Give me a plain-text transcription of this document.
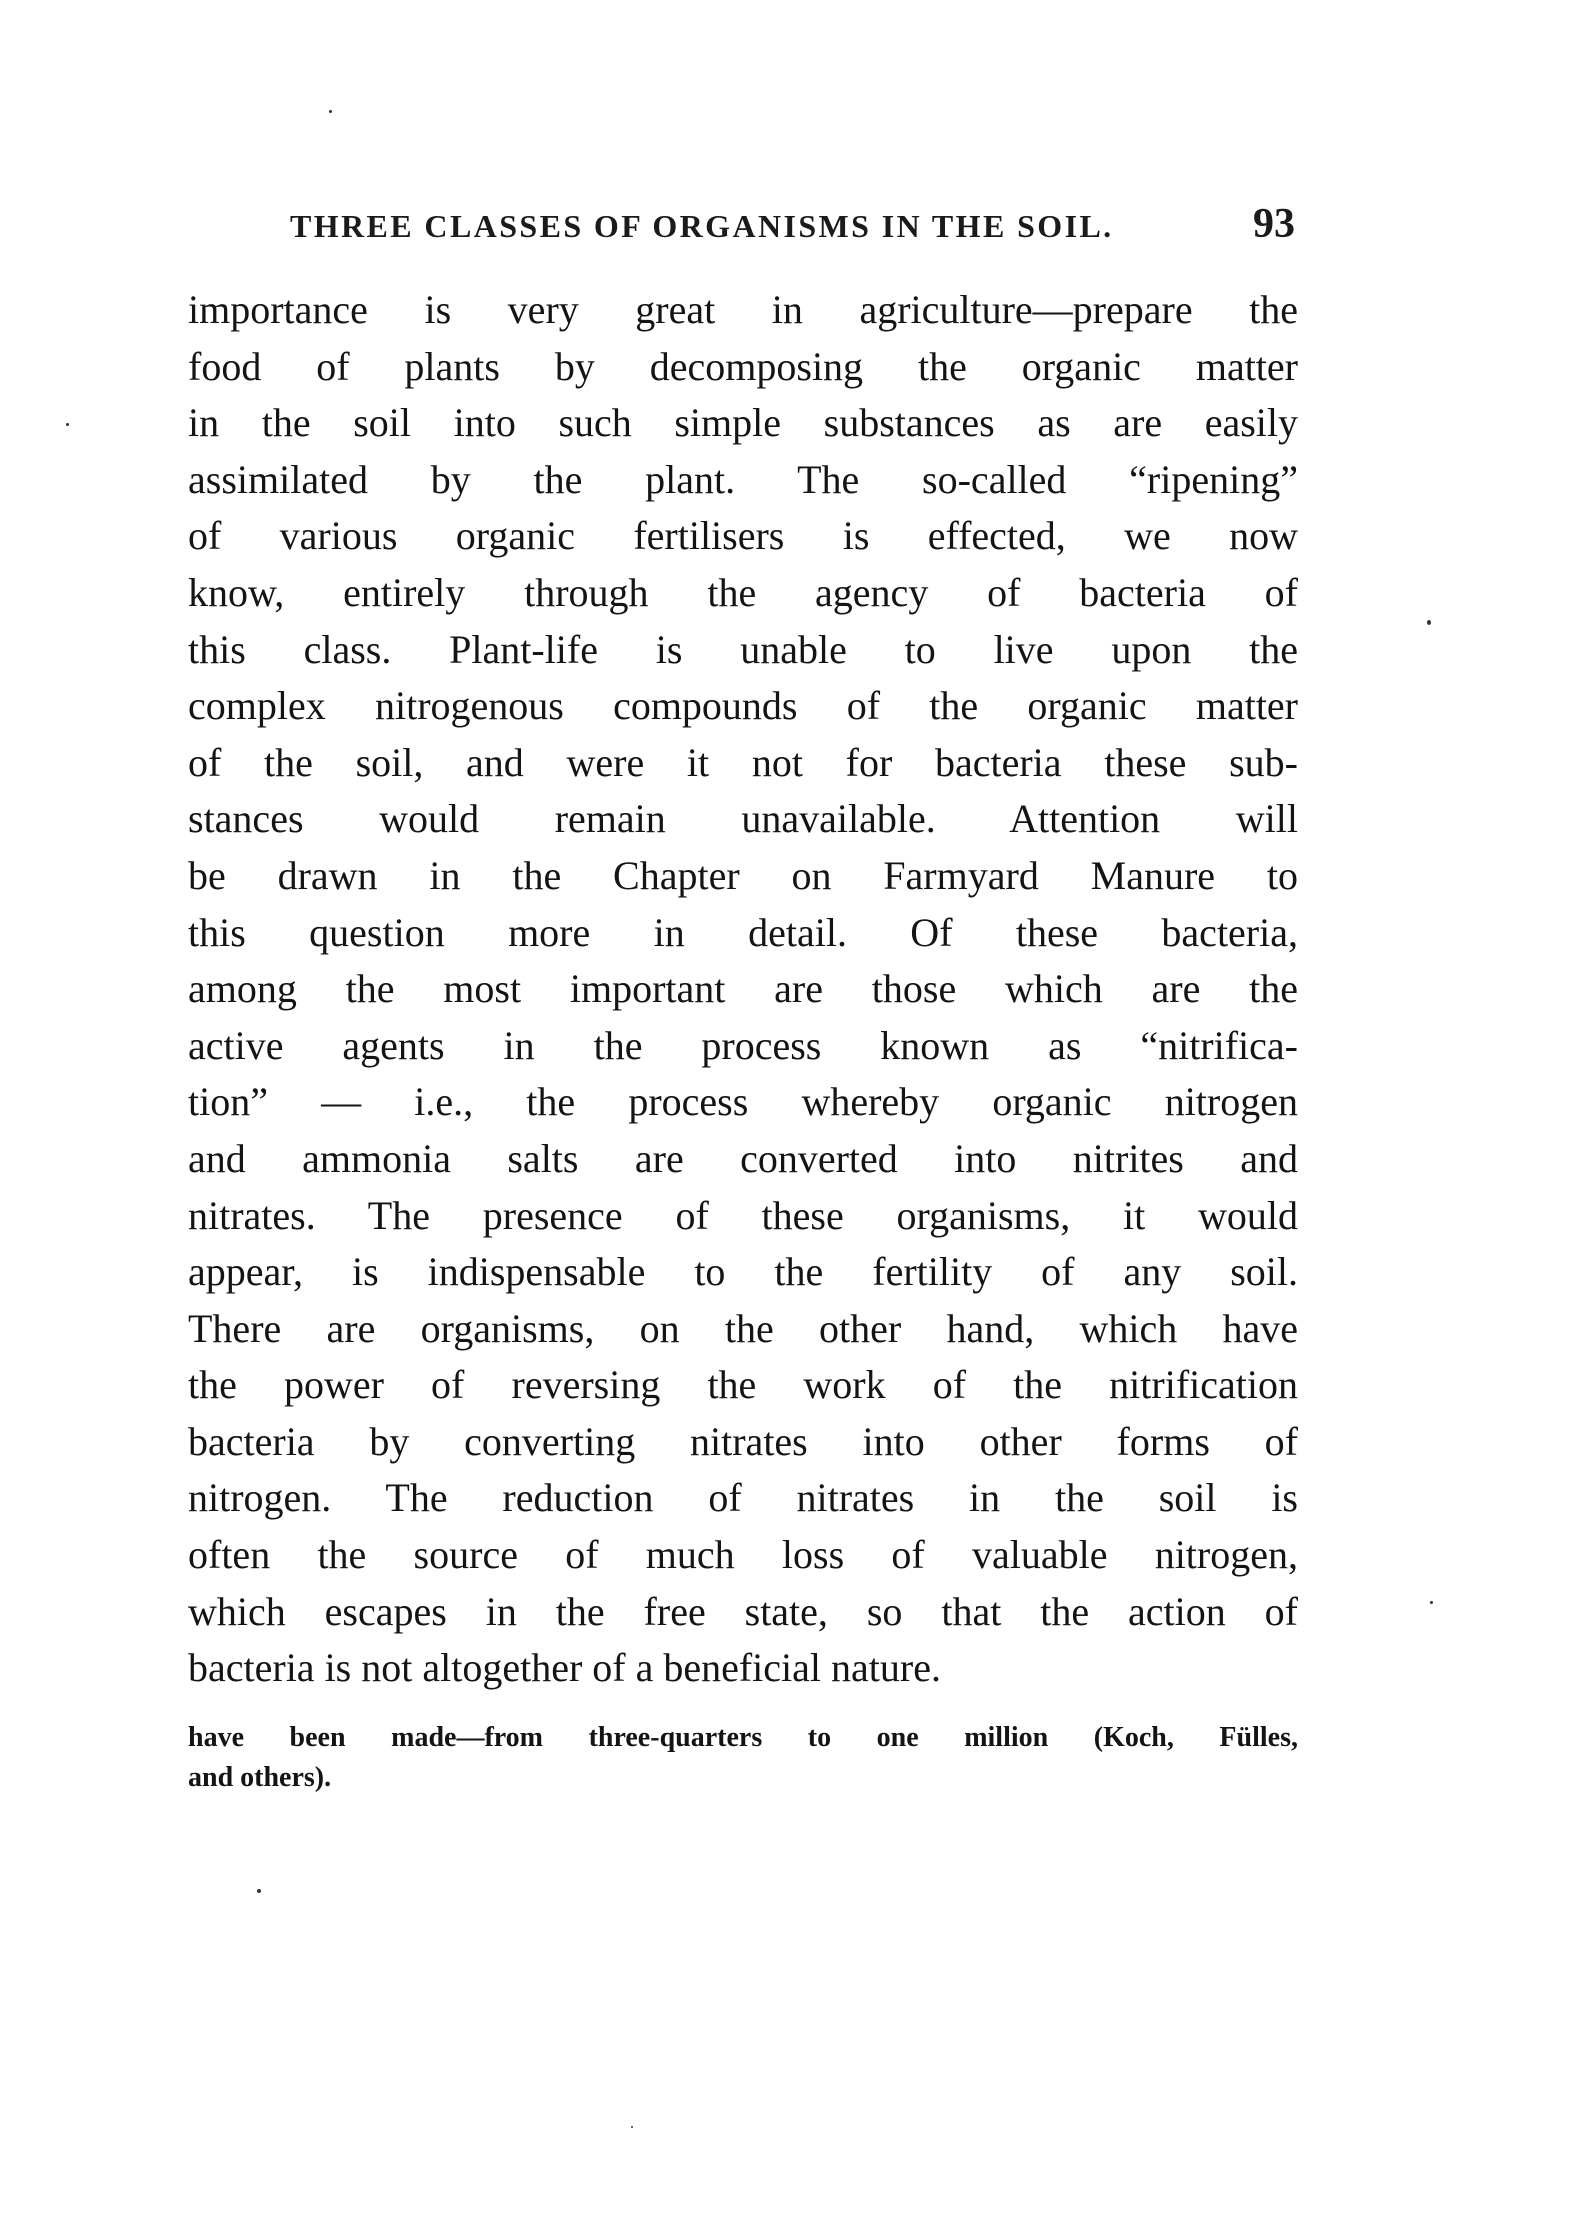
THREE CLASSES OF ORGANISMS IN THE SOIL.	93
importance is very great in agriculture—prepare the
food of plants by decomposing the organic matter
in the soil into such simple substances as are easily
assimilated by the plant. The so-called “ripening”
of various organic fertilisers is effected, we now
know, entirely through the agency of bacteria of
this class. Plant-life is unable to live upon the
complex nitrogenous compounds of the organic matter
of the soil, and were it not for bacteria these sub-
stances would remain unavailable. Attention will
be drawn in the Chapter on Farmyard Manure to
this question more in detail. Of these bacteria,
among the most important are those which are the
active agents in the process known as “nitrifica-
tion” — i.e., the process whereby organic nitrogen
and ammonia salts are converted into nitrites and
nitrates. The presence of these organisms, it would
appear, is indispensable to the fertility of any soil.
There are organisms, on the other hand, which have
the power of reversing the work of the nitrification
bacteria by converting nitrates into other forms of
nitrogen. The reduction of nitrates in the soil is
often the source of much loss of valuable nitrogen,
which escapes in the free state, so that the action of
bacteria is not altogether of a beneficial nature.
have been made—from three-quarters to one million (Koch, Fülles,
and others).
